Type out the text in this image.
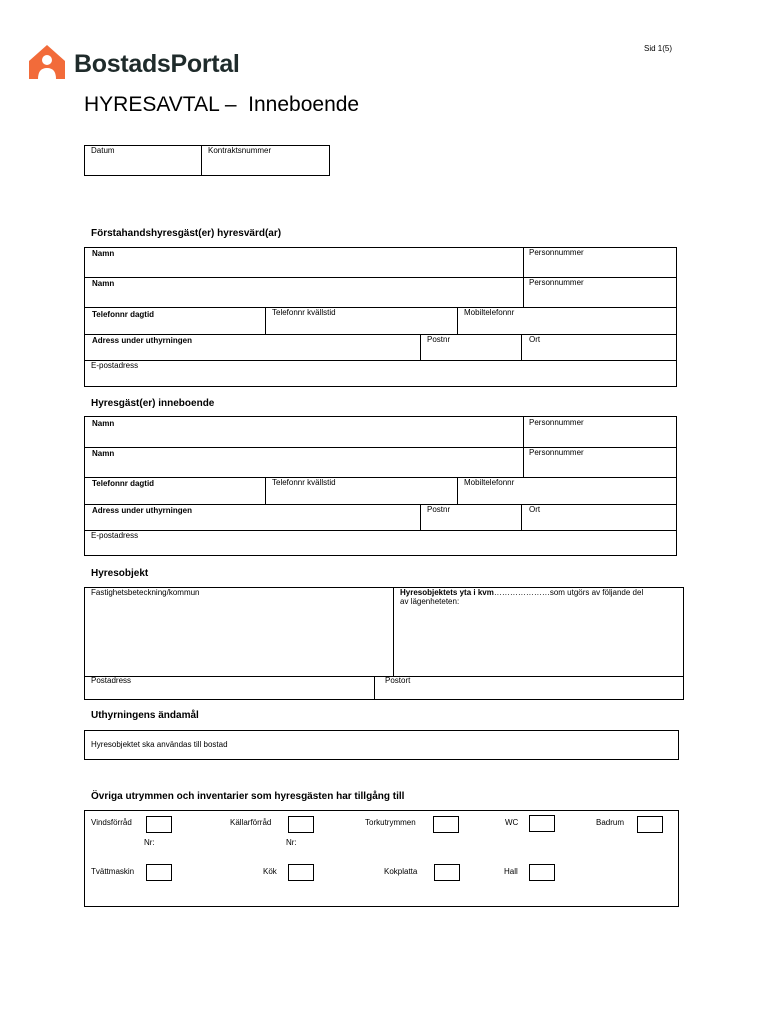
BostadsPortal
Sid 1(5)
HYRESAVTAL –  Inneboende
Datum	Kontraktsnummer
Förstahandshyresgäst(er) hyresvärd(ar)
Namn	Personnummer
Namn	Personnummer
Telefonnr dagtid	Telefonnr kvällstid	Mobiltelefonnr
Adress under uthyrningen	Postnr	Ort
E-postadress
Hyresgäst(er) inneboende
Namn	Personnummer
Namn	Personnummer
Telefonnr dagtid	Telefonnr kvällstid	Mobiltelefonnr
Adress under uthyrningen	Postnr	Ort
E-postadress
Hyresobjekt
Fastighetsbeteckning/kommun	Hyresobjektets yta i kvm…………………som utgörs av följande del
av lägenheteten:
Postadress	Postort
Uthyrningens ändamål
Hyresobjektet ska användas till bostad
Övriga utrymmen och inventarier som hyresgästen har tillgång till
Vindsförråd	Källarförråd	Torkutrymmen	WC	Badrum
Nr:	Nr:
Tvättmaskin	Kök	Kokplatta	Hall
